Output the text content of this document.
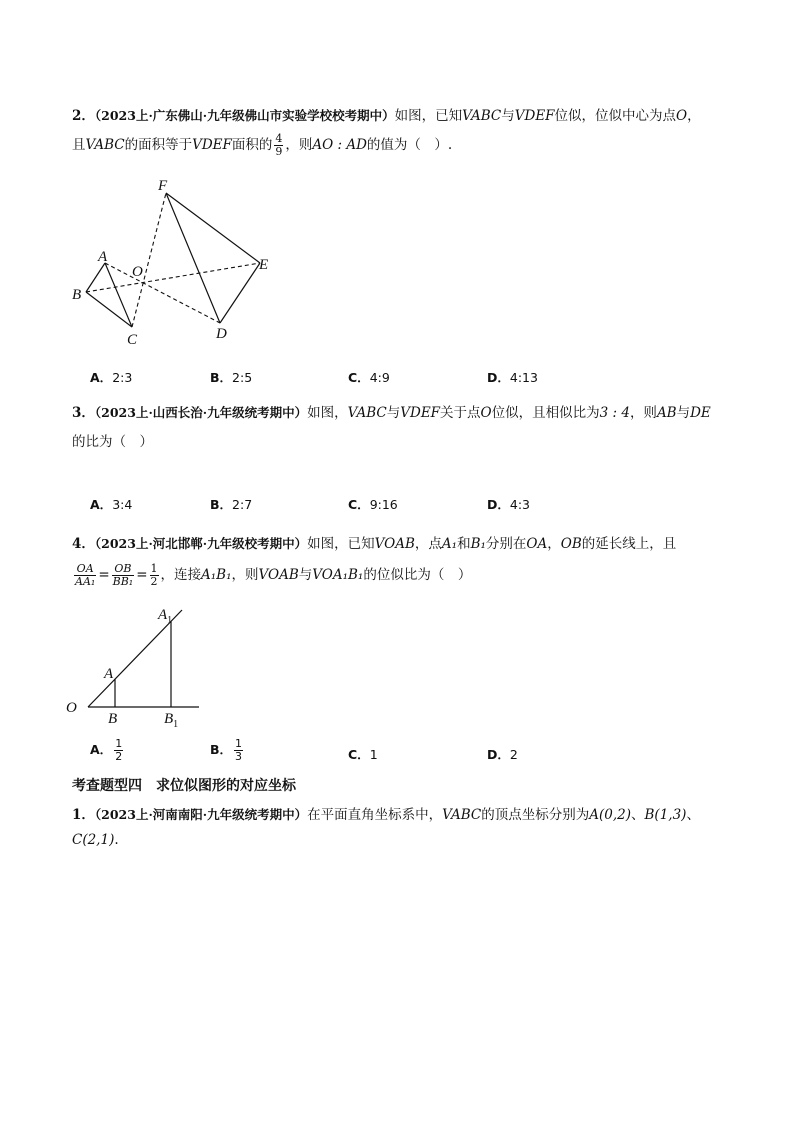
2．（2023上·广东佛山·九年级佛山市实验学校校考期中）如图，已知VABC与VDEF位似，位似中心为点O，
且VABC的面积等于VDEF面积的 $\frac{4}{9}$ ，则AO : AD的值为（　）.
F
A
O	E
B
D
C
A．2:3	B．2:5	C．4:9	D．4:13
3．（2023上·山西长治·九年级统考期中）如图，VABC与VDEF关于点O位似，且相似比为3 : 4，则AB与DE
的比为（　）
A．3:4	B．2:7	C．9:16	D．4:3
4．（2023上·河北邯郸·九年级校考期中）如图，已知VOAB，点A₁和B₁分别在OA，OB的延长线上，且
$\frac{OA}{\text{AA₁}} = \frac{OB}{\text{BB₁}} = \frac{1}{2}$ ，连接A₁B₁，则VOAB与VOA₁B₁的位似比为（　）
O
A
$A_1$
B	$B_1$
A． $\frac{1}{2}$	B． $\frac{1}{3}$	C．1	D．2
考查题型四　求位似图形的对应坐标
1．（2023上·河南南阳·九年级统考期中）在平面直角坐标系中，VABC的顶点坐标分别为A(0,2)、B(1,3)、
C(2,1).
